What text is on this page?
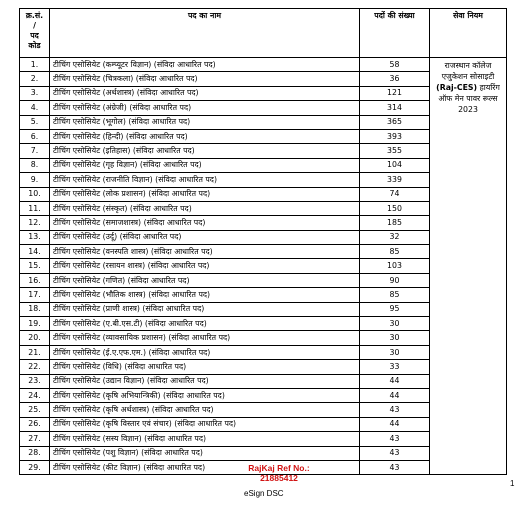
क्र.सं.
/
पद
कोड	पद का नाम	पदों की संख्या	सेवा नियम
1.	टीचिंग एसोसियेट (कम्प्यूटर विज्ञान) (संविदा आधारित पद)	58	राजस्थान कॉलेज एजुकेशन सोसाइटी (Raj-CES) हायरिंग ऑफ मेन पावर रूल्स 2023
2.	टीचिंग एसोसियेट (चित्रकला) (संविदा आधारित पद)	36	
3.	टीचिंग एसोसियेट (अर्थशास्त्र) (संविदा आधारित पद)	121	
4.	टीचिंग एसोसियेट (अंग्रेजी) (संविदा आधारित पद)	314	
5.	टीचिंग एसोसियेट (भूगोल) (संविदा आधारित पद)	365	
6.	टीचिंग एसोसियेट (हिन्दी) (संविदा आधारित पद)	393	
7.	टीचिंग एसोसियेट (इतिहास) (संविदा आधारित पद)	355	
8.	टीचिंग एसोसियेट (गृह विज्ञान) (संविदा आधारित पद)	104	
9.	टीचिंग एसोसियेट (राजनीति विज्ञान) (संविदा आधारित पद)	339	
10.	टीचिंग एसोसियेट (लोक प्रशासन) (संविदा आधारित पद)	74	
11.	टीचिंग एसोसियेट (संस्कृत) (संविदा आधारित पद)	150	
12.	टीचिंग एसोसियेट (समाजशास्त्र) (संविदा आधारित पद)	185	
13.	टीचिंग एसोसियेट (उर्दू) (संविदा आधारित पद)	32	
14.	टीचिंग एसोसियेट (वनस्पति शास्त्र) (संविदा आधारित पद)	85	
15.	टीचिंग एसोसियेट (रसायन शास्त्र) (संविदा आधारित पद)	103	
16.	टीचिंग एसोसियेट (गणित) (संविदा आधारित पद)	90	
17.	टीचिंग एसोसियेट (भौतिक शास्त्र) (संविदा आधारित पद)	85	
18.	टीचिंग एसोसियेट (प्राणी शास्त्र) (संविदा आधारित पद)	95	
19.	टीचिंग एसोसियेट (ए.बी.एस.टी) (संविदा आधारित पद)	30	
20.	टीचिंग एसोसियेट (व्यावसायिक प्रशासन) (संविदा आधारित पद)	30	
21.	टीचिंग एसोसियेट (ई.ए.एफ.एम.) (संविदा आधारित पद)	30	
22.	टीचिंग एसोसियेट (विधि) (संविदा आधारित पद)	33	
23.	टीचिंग एसोसियेट (उद्यान विज्ञान) (संविदा आधारित पद)	44	
24.	टीचिंग एसोसियेट (कृषि अभियान्त्रिकी) (संविदा आधारित पद)	44	
25.	टीचिंग एसोसियेट (कृषि अर्थशास्त्र) (संविदा आधारित पद)	43	
26.	टीचिंग एसोसियेट (कृषि विस्तार एवं संचार) (संविदा आधारित पद)	44	
27.	टीचिंग एसोसियेट (सस्य विज्ञान) (संविदा आधारित पद)	43	
28.	टीचिंग एसोसियेट (पशु विज्ञान) (संविदा आधारित पद)	43	
29.	टीचिंग एसोसियेट (कीट विज्ञान) (संविदा आधारित पद)	43	
RajKaj Ref No.:
21885412
eSign DSC
1
